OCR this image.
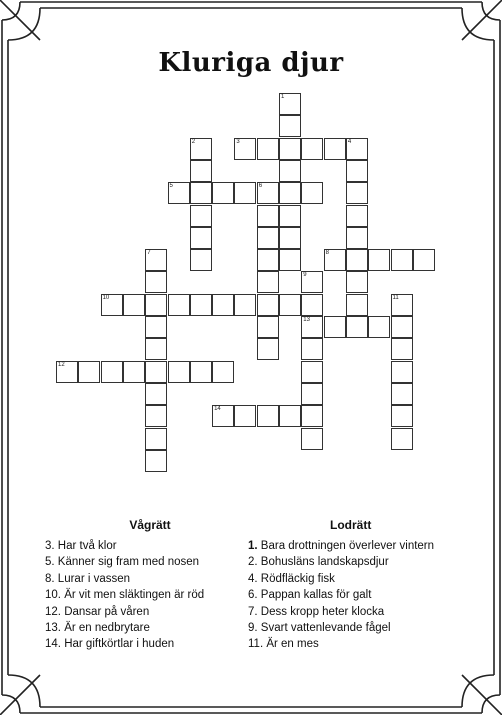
Kluriga djur
1
2	3	4
5	6
7	8
9
13
10	11
12
14
Vågrätt
3. Har två klor
5. Känner sig fram med nosen
8. Lurar i vassen
10. Är vit men släktingen är röd
12. Dansar på våren
13. Är en nedbrytare
14. Har giftkörtlar i huden
Lodrätt
1. Bara drottningen överlever vintern
2. Bohusläns landskapsdjur
4. Rödfläckig fisk
6. Pappan kallas för galt
7. Dess kropp heter klocka
9. Svart vattenlevande fågel
11. Är en mes
